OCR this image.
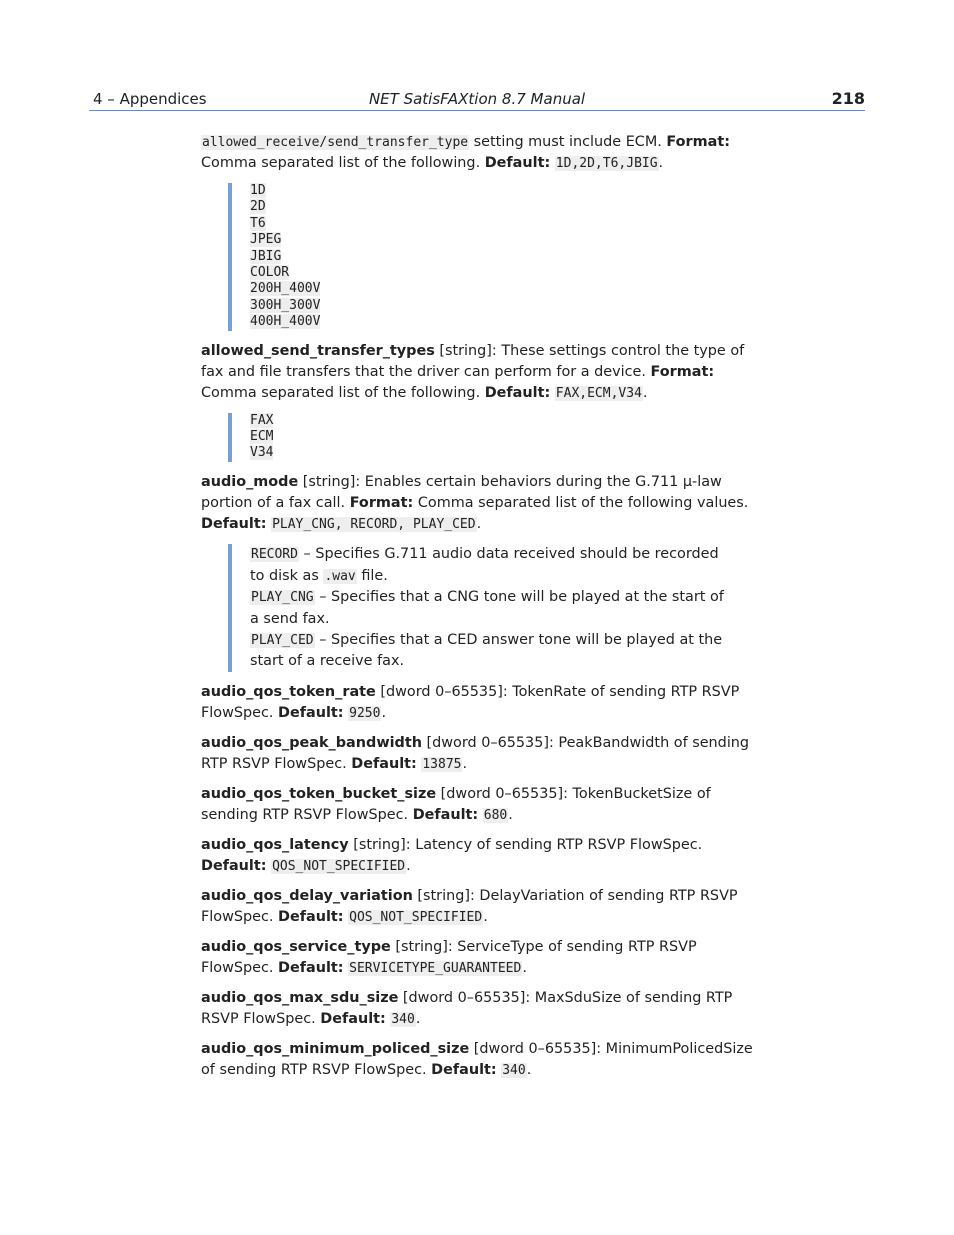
4 – Appendices	NET SatisFAXtion 8.7 Manual	218

allowed_receive/send_transfer_type setting must include ECM. Format: Comma separated list of the following. Default: 1D,2D,T6,JBIG.

1D
2D
T6
JPEG
JBIG
COLOR
200H_400V
300H_300V
400H_400V

allowed_send_transfer_types [string]: These settings control the type of fax and file transfers that the driver can perform for a device. Format: Comma separated list of the following. Default: FAX,ECM,V34.

FAX
ECM
V34

audio_mode [string]: Enables certain behaviors during the G.711 μ-law portion of a fax call. Format: Comma separated list of the following values. Default: PLAY_CNG, RECORD, PLAY_CED.

RECORD – Specifies G.711 audio data received should be recorded to disk as .wav file.
PLAY_CNG – Specifies that a CNG tone will be played at the start of a send fax.
PLAY_CED – Specifies that a CED answer tone will be played at the start of a receive fax.

audio_qos_token_rate [dword 0–65535]: TokenRate of sending RTP RSVP FlowSpec. Default: 9250.

audio_qos_peak_bandwidth [dword 0–65535]: PeakBandwidth of sending RTP RSVP FlowSpec. Default: 13875.

audio_qos_token_bucket_size [dword 0–65535]: TokenBucketSize of sending RTP RSVP FlowSpec. Default: 680.

audio_qos_latency [string]: Latency of sending RTP RSVP FlowSpec. Default: QOS_NOT_SPECIFIED.

audio_qos_delay_variation [string]: DelayVariation of sending RTP RSVP FlowSpec. Default: QOS_NOT_SPECIFIED.

audio_qos_service_type [string]: ServiceType of sending RTP RSVP FlowSpec. Default: SERVICETYPE_GUARANTEED.

audio_qos_max_sdu_size [dword 0–65535]: MaxSduSize of sending RTP RSVP FlowSpec. Default: 340.

audio_qos_minimum_policed_size [dword 0–65535]: MinimumPolicedSize of sending RTP RSVP FlowSpec. Default: 340.
